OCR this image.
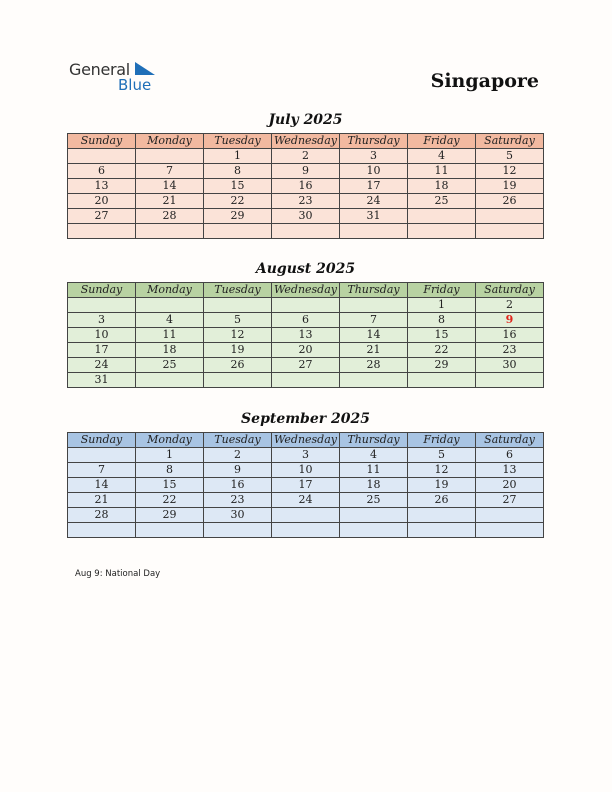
General
Blue	Singapore
July 2025
Sunday	Monday	Tuesday	Wednesday	Thursday	Friday	Saturday
		1	2	3	4	5
6	7	8	9	10	11	12
13	14	15	16	17	18	19
20	21	22	23	24	25	26
27	28	29	30	31		

August 2025
Sunday	Monday	Tuesday	Wednesday	Thursday	Friday	Saturday
					1	2
3	4	5	6	7	8	9
10	11	12	13	14	15	16
17	18	19	20	21	22	23
24	25	26	27	28	29	30
31						
September 2025
Sunday	Monday	Tuesday	Wednesday	Thursday	Friday	Saturday
	1	2	3	4	5	6
7	8	9	10	11	12	13
14	15	16	17	18	19	20
21	22	23	24	25	26	27
28	29	30				

Aug 9: National Day
